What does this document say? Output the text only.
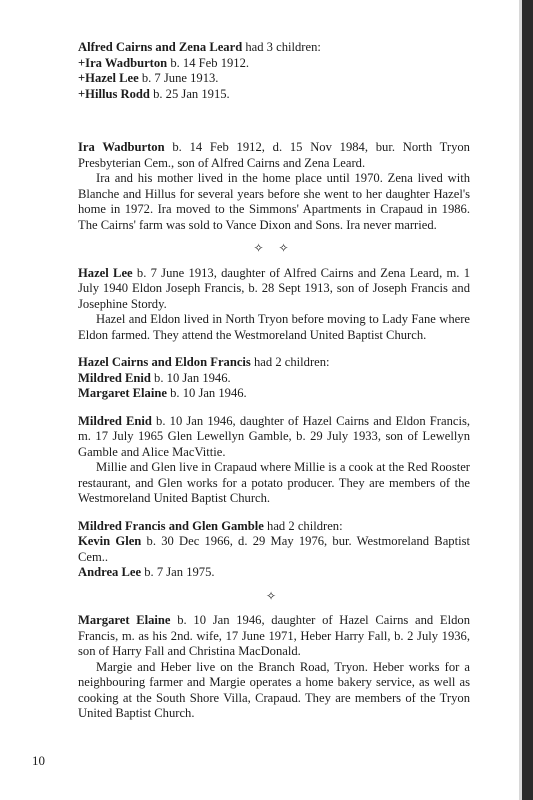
Alfred Cairns and Zena Leard had 3 children:

+Ira Wadburton b. 14 Feb 1912.

+Hazel Lee b. 7 June 1913.

+Hillus Rodd b. 25 Jan 1915.

Ira Wadburton b. 14 Feb 1912, d. 15 Nov 1984, bur. North Tryon Presbyterian Cem., son of Alfred Cairns and Zena Leard.

Ira and his mother lived in the home place until 1970. Zena lived with Blanche and Hillus for several years before she went to her daughter Hazel's home in 1972. Ira moved to the Simmons' Apartments in Crapaud in 1986. The Cairns' farm was sold to Vance Dixon and Sons. Ira never married.

✧ ✧

Hazel Lee b. 7 June 1913, daughter of Alfred Cairns and Zena Leard, m. 1 July 1940 Eldon Joseph Francis, b. 28 Sept 1913, son of Joseph Francis and Josephine Stordy.

Hazel and Eldon lived in North Tryon before moving to Lady Fane where Eldon farmed. They attend the Westmoreland United Baptist Church.

Hazel Cairns and Eldon Francis had 2 children:

Mildred Enid b. 10 Jan 1946.

Margaret Elaine b. 10 Jan 1946.

Mildred Enid b. 10 Jan 1946, daughter of Hazel Cairns and Eldon Francis, m. 17 July 1965 Glen Lewellyn Gamble, b. 29 July 1933, son of Lewellyn Gamble and Alice MacVittie.

Millie and Glen live in Crapaud where Millie is a cook at the Red Rooster restaurant, and Glen works for a potato producer. They are members of the Westmoreland United Baptist Church.

Mildred Francis and Glen Gamble had 2 children:

Kevin Glen b. 30 Dec 1966, d. 29 May 1976, bur. Westmoreland Baptist Cem..

Andrea Lee b. 7 Jan 1975.

✧

Margaret Elaine b. 10 Jan 1946, daughter of Hazel Cairns and Eldon Francis, m. as his 2nd. wife, 17 June 1971, Heber Harry Fall, b. 2 July 1936, son of Harry Fall and Christina MacDonald.

Margie and Heber live on the Branch Road, Tryon. Heber works for a neighbouring farmer and Margie operates a home bakery service, as well as cooking at the South Shore Villa, Crapaud. They are members of the Tryon United Baptist Church.

10
